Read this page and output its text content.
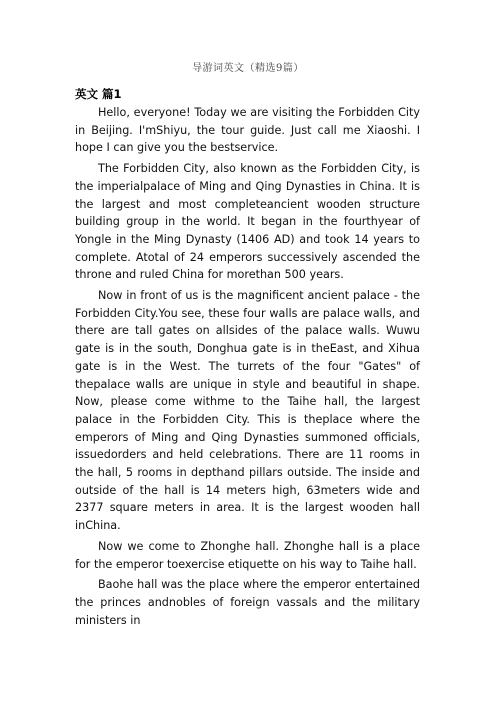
导游词英文（精选9篇）
英文 篇1

Hello, everyone! Today we are visiting the Forbidden City in Beijing. I'mShiyu, the tour guide. Just call me Xiaoshi. I hope I can give you the bestservice.

The Forbidden City, also known as the Forbidden City, is the imperialpalace of Ming and Qing Dynasties in China. It is the largest and most completeancient wooden structure building group in the world. It began in the fourthyear of Yongle in the Ming Dynasty (1406 AD) and took 14 years to complete. Atotal of 24 emperors successively ascended the throne and ruled China for morethan 500 years.

Now in front of us is the magnificent ancient palace - the Forbidden City.You see, these four walls are palace walls, and there are tall gates on allsides of the palace walls. Wuwu gate is in the south, Donghua gate is in theEast, and Xihua gate is in the West. The turrets of the four "Gates" of thepalace walls are unique in style and beautiful in shape. Now, please come withme to the Taihe hall, the largest palace in the Forbidden City. This is theplace where the emperors of Ming and Qing Dynasties summoned officials, issuedorders and held celebrations. There are 11 rooms in the hall, 5 rooms in depthand pillars outside. The inside and outside of the hall is 14 meters high, 63meters wide and 2377 square meters in area. It is the largest wooden hall inChina.

Now we come to Zhonghe hall. Zhonghe hall is a place for the emperor toexercise etiquette on his way to Taihe hall.

Baohe hall was the place where the emperor entertained the princes andnobles of foreign vassals and the military ministers in
